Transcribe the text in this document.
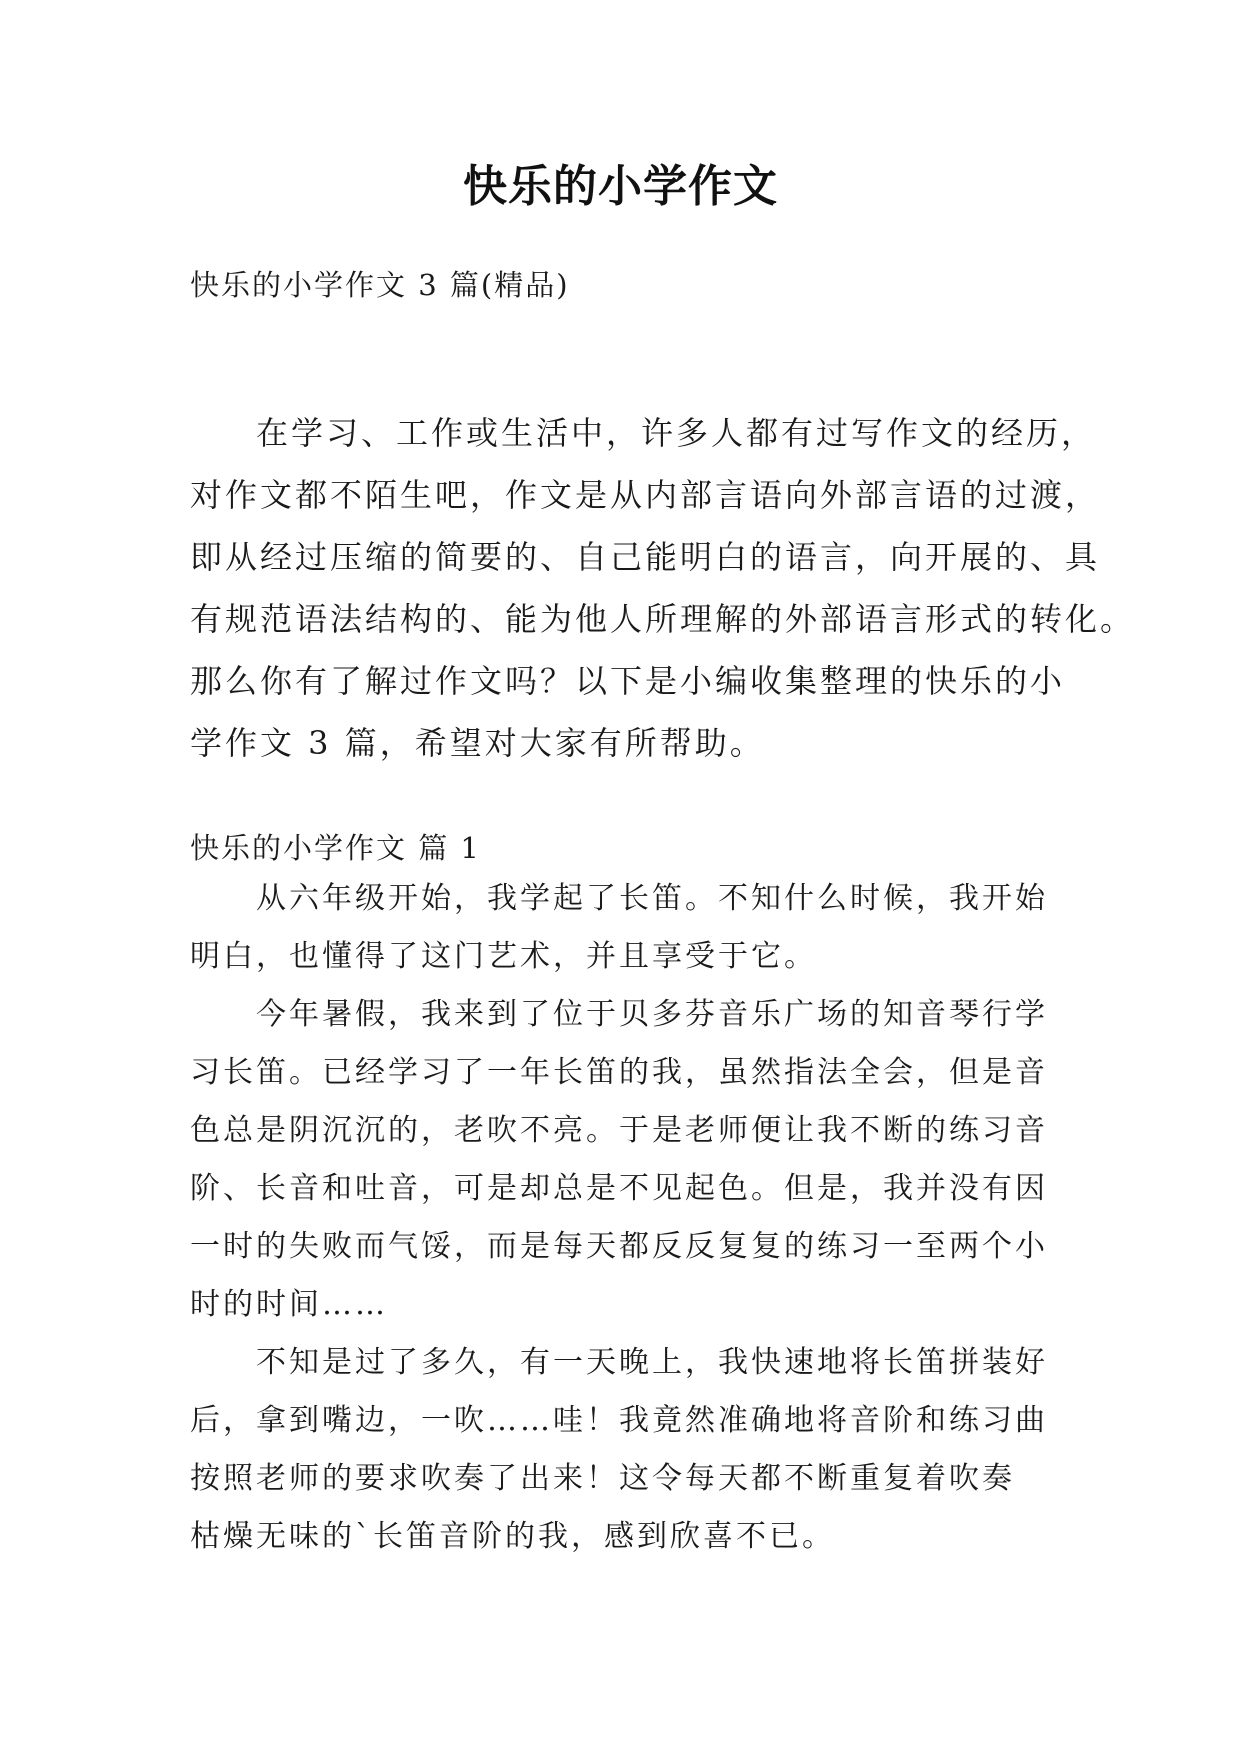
快乐的小学作文
快乐的小学作文 3 篇(精品)
在学习、工作或生活中，许多人都有过写作文的经历，
对作文都不陌生吧，作文是从内部言语向外部言语的过渡，
即从经过压缩的简要的、自己能明白的语言，向开展的、具
有规范语法结构的、能为他人所理解的外部语言形式的转化。
那么你有了解过作文吗？以下是小编收集整理的快乐的小
学作文 3 篇，希望对大家有所帮助。
快乐的小学作文 篇 1
从六年级开始，我学起了长笛。不知什么时候，我开始
明白，也懂得了这门艺术，并且享受于它。
今年暑假，我来到了位于贝多芬音乐广场的知音琴行学
习长笛。已经学习了一年长笛的我，虽然指法全会，但是音
色总是阴沉沉的，老吹不亮。于是老师便让我不断的练习音
阶、长音和吐音，可是却总是不见起色。但是，我并没有因
一时的失败而气馁，而是每天都反反复复的练习一至两个小
时的时间……
不知是过了多久，有一天晚上，我快速地将长笛拼装好
后，拿到嘴边，一吹……哇！我竟然准确地将音阶和练习曲
按照老师的要求吹奏了出来！这令每天都不断重复着吹奏
枯燥无味的`长笛音阶的我，感到欣喜不已。
